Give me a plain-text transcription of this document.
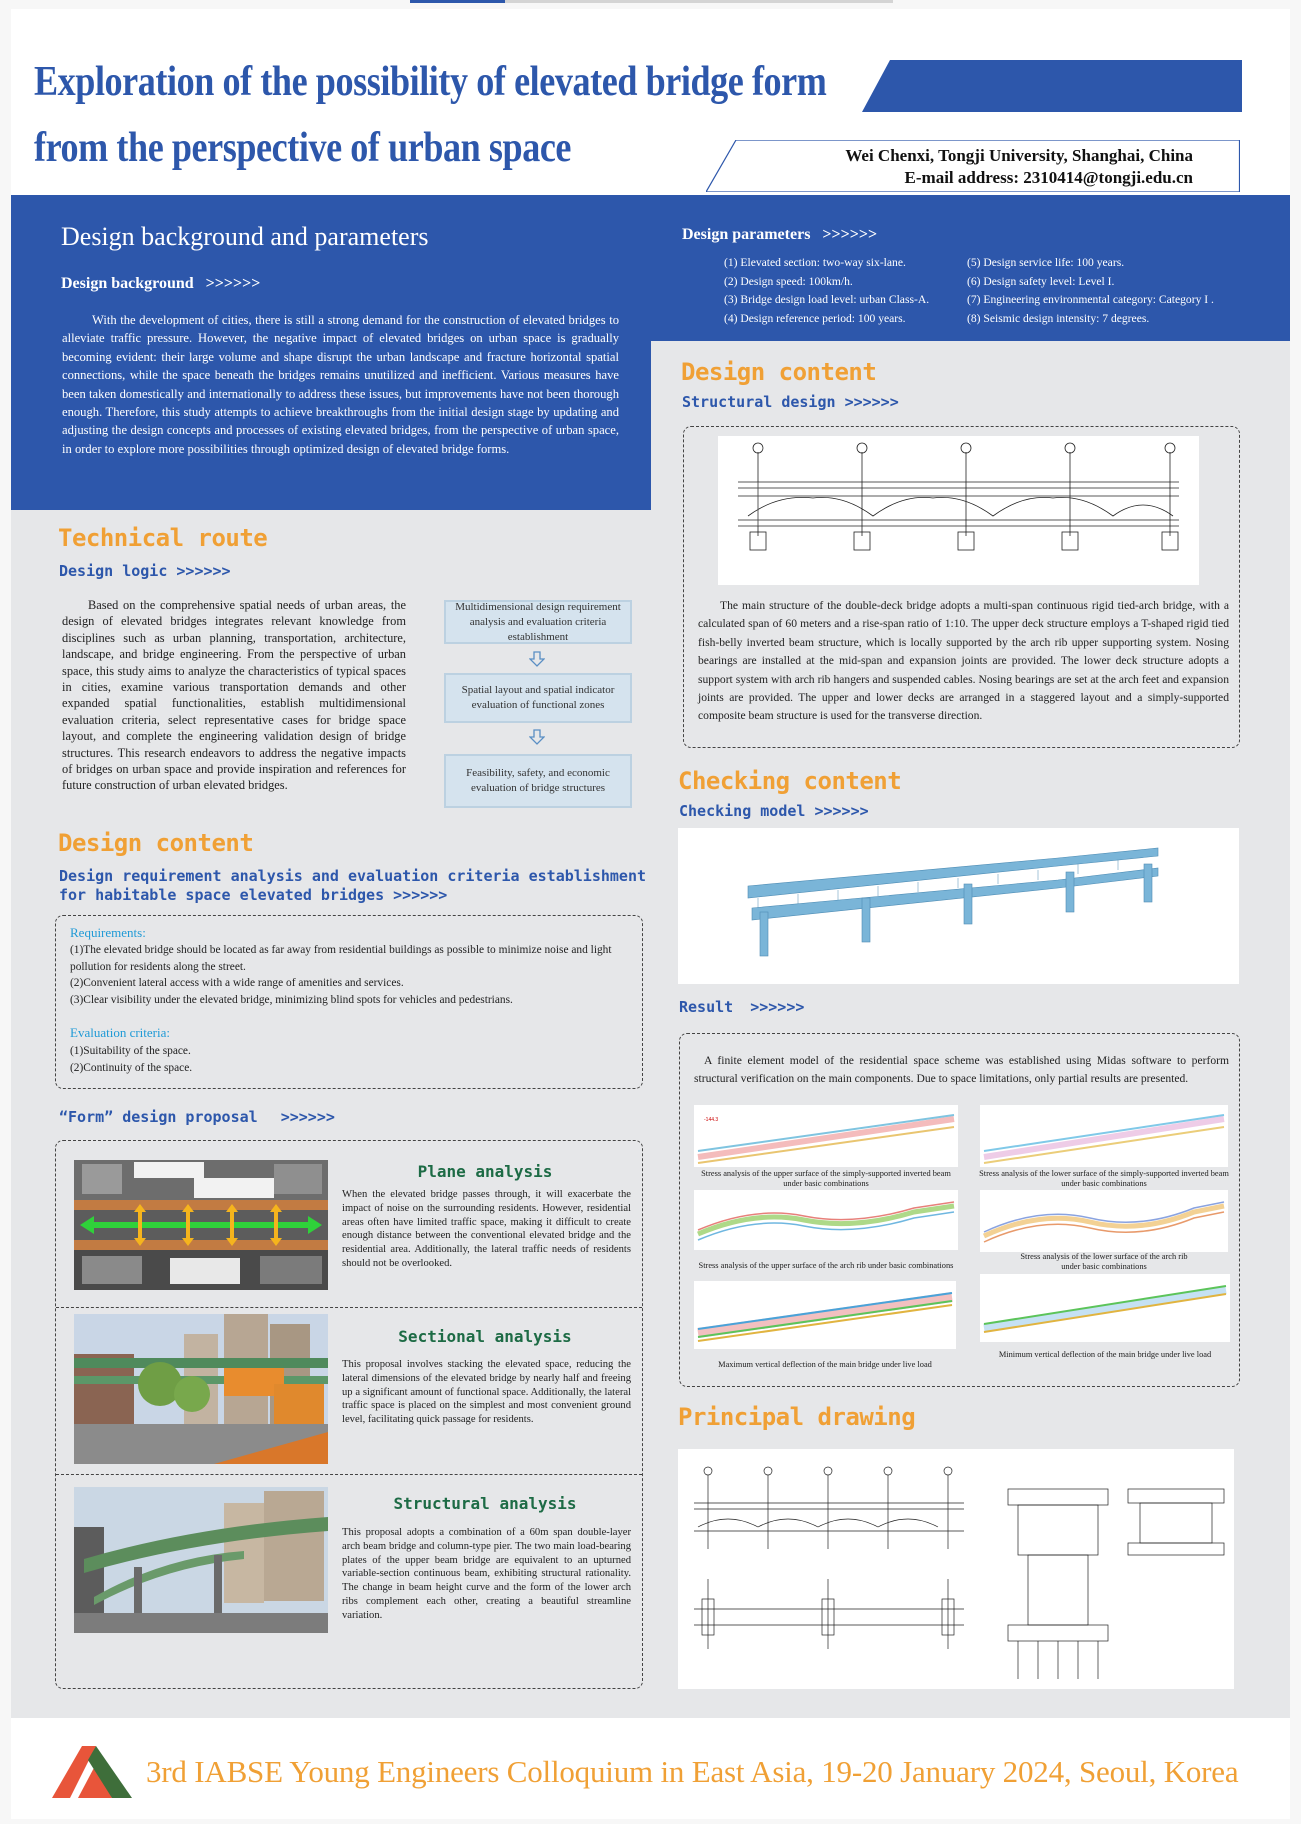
Exploration of the possibility of elevated bridge form
from the perspective of urban space	Wei Chenxi, Tongji University, Shanghai, China
E-mail address: 2310414@tongji.edu.cn
Design background and parameters
Design background >>>>>>
With the development of cities, there is still a strong demand for the construction of elevated bridges to alleviate traffic pressure. However, the negative impact of elevated bridges on urban space is gradually becoming evident: their large volume and shape disrupt the urban landscape and fracture horizontal spatial connections, while the space beneath the bridges remains unutilized and inefficient. Various measures have been taken domestically and internationally to address these issues, but improvements have not been thorough enough. Therefore, this study attempts to achieve breakthroughs from the initial design stage by updating and adjusting the design concepts and processes of existing elevated bridges, from the perspective of urban space, in order to explore more possibilities through optimized design of elevated bridge forms.
Design parameters >>>>>>
(1) Elevated section: two-way six-lane.
(2) Design speed: 100km/h.
(3) Bridge design load level: urban Class-A.
(4) Design reference period: 100 years.
(5) Design service life: 100 years.
(6) Design safety level: Level I.
(7) Engineering environmental category: Category I .
(8) Seismic design intensity: 7 degrees.
Technical route
Design logic >>>>>>
Based on the comprehensive spatial needs of urban areas, the design of elevated bridges integrates relevant knowledge from disciplines such as urban planning, transportation, architecture, landscape, and bridge engineering. From the perspective of urban space, this study aims to analyze the characteristics of typical spaces in cities, examine various transportation demands and other expanded spatial functionalities, establish multidimensional evaluation criteria, select representative cases for bridge space layout, and complete the engineering validation design of bridge structures. This research endeavors to address the negative impacts of bridges on urban space and provide inspiration and references for future construction of urban elevated bridges.
Multidimensional design requirement analysis and evaluation criteria establishment
Spatial layout and spatial indicator evaluation of functional zones
Feasibility, safety, and economic evaluation of bridge structures
Design content
Design requirement analysis and evaluation criteria establishment
for habitable space elevated bridges >>>>>>
Requirements:
(1)The elevated bridge should be located as far away from residential buildings as possible to minimize noise and light pollution for residents along the street.
(2)Convenient lateral access with a wide range of amenities and services.
(3)Clear visibility under the elevated bridge, minimizing blind spots for vehicles and pedestrians.
Evaluation criteria:
(1)Suitability of the space.
(2)Continuity of the space.
“Form” design proposal >>>>>>
Plane analysis
When the elevated bridge passes through, it will exacerbate the impact of noise on the surrounding residents. However, residential areas often have limited traffic space, making it difficult to create enough distance between the conventional elevated bridge and the residential area. Additionally, the lateral traffic needs of residents should not be overlooked.
Sectional analysis
This proposal involves stacking the elevated space, reducing the lateral dimensions of the elevated bridge by nearly half and freeing up a significant amount of functional space. Additionally, the lateral traffic space is placed on the simplest and most convenient ground level, facilitating quick passage for residents.
Structural analysis
This proposal adopts a combination of a 60m span double-layer arch beam bridge and column-type pier. The two main load-bearing plates of the upper beam bridge are equivalent to an upturned variable-section continuous beam, exhibiting structural rationality. The change in beam height curve and the form of the lower arch ribs complement each other, creating a beautiful streamline variation.
Design content
Structural design >>>>>>
The main structure of the double-deck bridge adopts a multi-span continuous rigid tied-arch bridge, with a calculated span of 60 meters and a rise-span ratio of 1:10. The upper deck structure employs a T-shaped rigid tied fish-belly inverted beam structure, which is locally supported by the arch rib upper supporting system. Nosing bearings are installed at the mid-span and expansion joints are provided. The lower deck structure adopts a support system with arch rib hangers and suspended cables. Nosing bearings are set at the arch feet and expansion joints are provided. The upper and lower decks are arranged in a staggered layout and a simply-supported composite beam structure is used for the transverse direction.
Checking content
Checking model >>>>>>
Result >>>>>>
A finite element model of the residential space scheme was established using Midas software to perform structural verification on the main components. Due to space limitations, only partial results are presented.
-144.3
Stress analysis of the upper surface of the simply-supported inverted beam under basic combinations
Stress analysis of the lower surface of the simply-supported inverted beam under basic combinations
Stress analysis of the upper surface of the arch rib under basic combinations
Stress analysis of the lower surface of the arch rib under basic combinations
Maximum vertical deflection of the main bridge under live load
Minimum vertical deflection of the main bridge under live load
Principal drawing
3rd IABSE Young Engineers Colloquium in East Asia, 19-20 January 2024, Seoul, Korea
